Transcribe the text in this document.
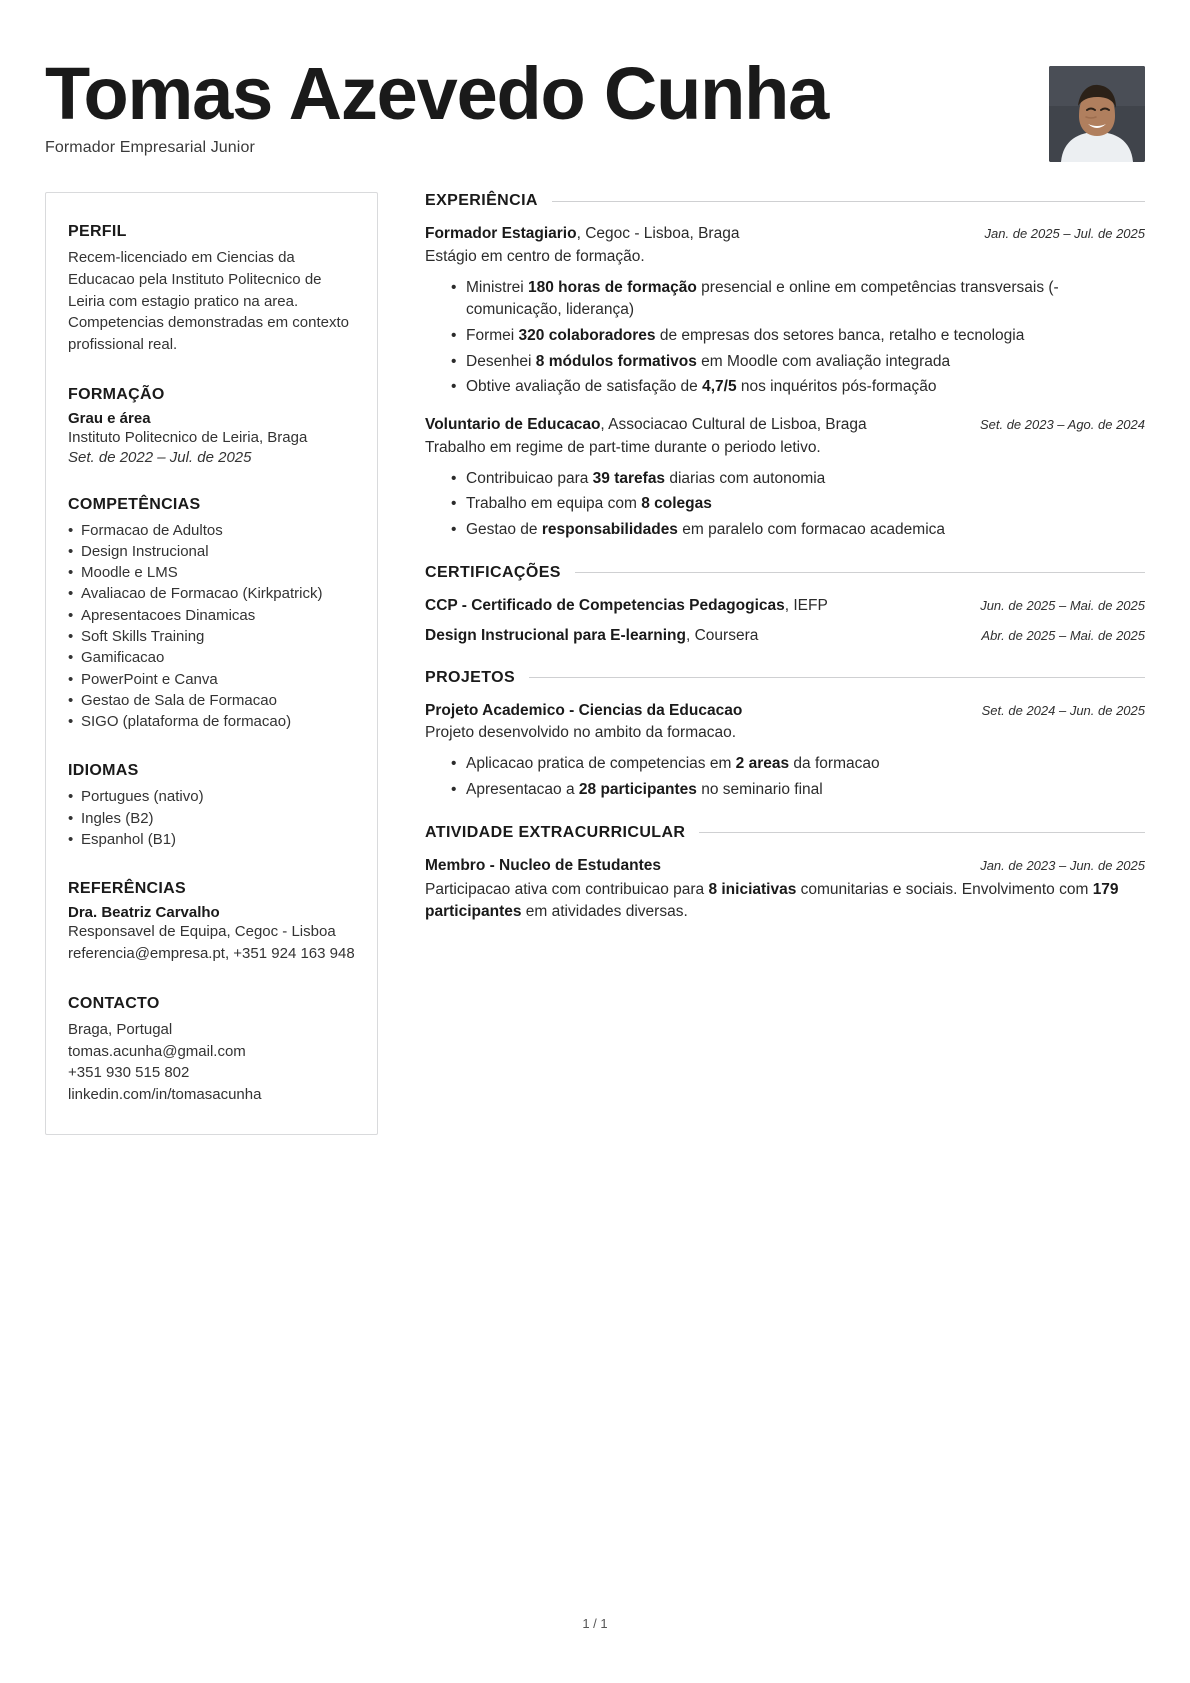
Tomas Azevedo Cunha
Formador Empresarial Junior
PERFIL

Recem-licenciado em Ciencias da Educacao pela Instituto Politecnico de Leiria com estagio pratico na area. Competencias demonstradas em contexto profissional real.

FORMAÇÃO

Grau e área

Instituto Politecnico de Leiria, Braga

Set. de 2022 – Jul. de 2025

COMPETÊNCIAS
• Formacao de Adultos
• Design Instrucional
• Moodle e LMS
• Avaliacao de Formacao (Kirkpatrick)
• Apresentacoes Dinamicas
• Soft Skills Training
• Gamificacao
• PowerPoint e Canva
• Gestao de Sala de Formacao
• SIGO (plataforma de formacao)
IDIOMAS
• Portugues (nativo)
• Ingles (B2)
• Espanhol (B1)
REFERÊNCIAS

Dra. Beatriz Carvalho

Responsavel de Equipa, Cegoc - Lisboa

referencia@empresa.pt, +351 924 163 948

CONTACTO

Braga, Portugal

tomas.acunha@gmail.com

+351 930 515 802

linkedin.com/in/tomasacunha

EXPERIÊNCIA
Formador Estagiario, Cegoc - Lisboa, Braga	Jan. de 2025 – Jul. de 2025
Estágio em centro de formação.
• Ministrei 180 horas de formação presencial e online em competências transversais (-comunicação, liderança)
• Formei 320 colaboradores de empresas dos setores banca, retalho e tecnologia
• Desenhei 8 módulos formativos em Moodle com avaliação integrada
• Obtive avaliação de satisfação de 4,7/5 nos inquéritos pós-formação
Voluntario de Educacao, Associacao Cultural de Lisboa, Braga	Set. de 2023 – Ago. de 2024
Trabalho em regime de part-time durante o periodo letivo.
• Contribuicao para 39 tarefas diarias com autonomia
• Trabalho em equipa com 8 colegas
• Gestao de responsabilidades em paralelo com formacao academica
CERTIFICAÇÕES
CCP - Certificado de Competencias Pedagogicas, IEFP	Jun. de 2025 – Mai. de 2025
Design Instrucional para E-learning, Coursera	Abr. de 2025 – Mai. de 2025
PROJETOS
Projeto Academico - Ciencias da Educacao	Set. de 2024 – Jun. de 2025
Projeto desenvolvido no ambito da formacao.
• Aplicacao pratica de competencias em 2 areas da formacao
• Apresentacao a 28 participantes no seminario final
ATIVIDADE EXTRACURRICULAR
Membro - Nucleo de Estudantes	Jan. de 2023 – Jun. de 2025
Participacao ativa com contribuicao para 8 iniciativas comunitarias e sociais. Envolvimento com 179 participantes em atividades diversas.
1 / 1
